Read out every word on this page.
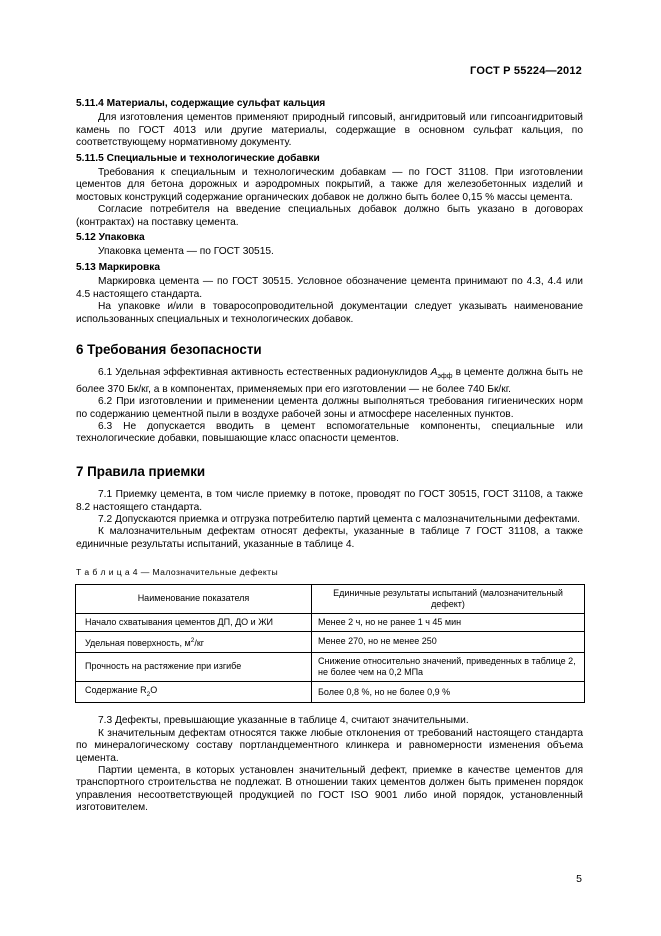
ГОСТ Р 55224—2012

5.11.4 Материалы, содержащие сульфат кальция

Для изготовления цементов применяют природный гипсовый, ангидритовый или гипсоангидритовый камень по ГОСТ 4013 или другие материалы, содержащие в основном сульфат кальция, по соответствующему нормативному документу.

5.11.5 Специальные и технологические добавки

Требования к специальным и технологическим добавкам — по ГОСТ 31108. При изготовлении цементов для бетона дорожных и аэродромных покрытий, а также для железобетонных изделий и мостовых конструкций содержание органических добавок не должно быть более 0,15 % массы цемента.

Согласие потребителя на введение специальных добавок должно быть указано в договорах (контрактах) на поставку цемента.

5.12 Упаковка

Упаковка цемента — по ГОСТ 30515.

5.13 Маркировка

Маркировка цемента — по ГОСТ 30515. Условное обозначение цемента принимают по 4.3, 4.4 или 4.5 настоящего стандарта.

На упаковке и/или в товаросопроводительной документации следует указывать наименование использованных специальных и технологических добавок.

6 Требования безопасности

6.1 Удельная эффективная активность естественных радионуклидов $A_{эфф}$ в цементе должна быть не более 370 Бк/кг, а в компонентах, применяемых при его изготовлении — не более 740 Бк/кг.

6.2 При изготовлении и применении цемента должны выполняться требования гигиенических норм по содержанию цементной пыли в воздухе рабочей зоны и атмосфере населенных пунктов.

6.3 Не допускается вводить в цемент вспомогательные компоненты, специальные или технологические добавки, повышающие класс опасности цементов.

7 Правила приемки

7.1 Приемку цемента, в том числе приемку в потоке, проводят по ГОСТ 30515, ГОСТ 31108, а также 8.2 настоящего стандарта.

7.2 Допускаются приемка и отгрузка потребителю партий цемента с малозначительными дефектами.

К малозначительным дефектам относят дефекты, указанные в таблице 7 ГОСТ 31108, а также единичные результаты испытаний, указанные в таблице 4.

Т а б л и ц а 4 — Малозначительные дефекты

Наименование показателя	Единичные результаты испытаний (малозначительный дефект)
Начало схватывания цементов ДП, ДО и ЖИ	Менее 2 ч, но не ранее 1 ч 45 мин
Удельная поверхность, $м^2/кг$	Менее 270, но не менее 250
Прочность на растяжение при изгибе	Снижение относительно значений, приведенных в таблице 2, не более чем на 0,2 МПа
Содержание $R_2O$	Более 0,8 %, но не более 0,9 %

7.3 Дефекты, превышающие указанные в таблице 4, считают значительными.

К значительным дефектам относятся также любые отклонения от требований настоящего стандарта по минералогическому составу портландцементного клинкера и равномерности изменения объема цемента.

Партии цемента, в которых установлен значительный дефект, приемке в качестве цементов для транспортного строительства не подлежат. В отношении таких цементов должен быть применен порядок управления несоответствующей продукцией по ГОСТ ISO 9001 либо иной порядок, установленный изготовителем.

5
